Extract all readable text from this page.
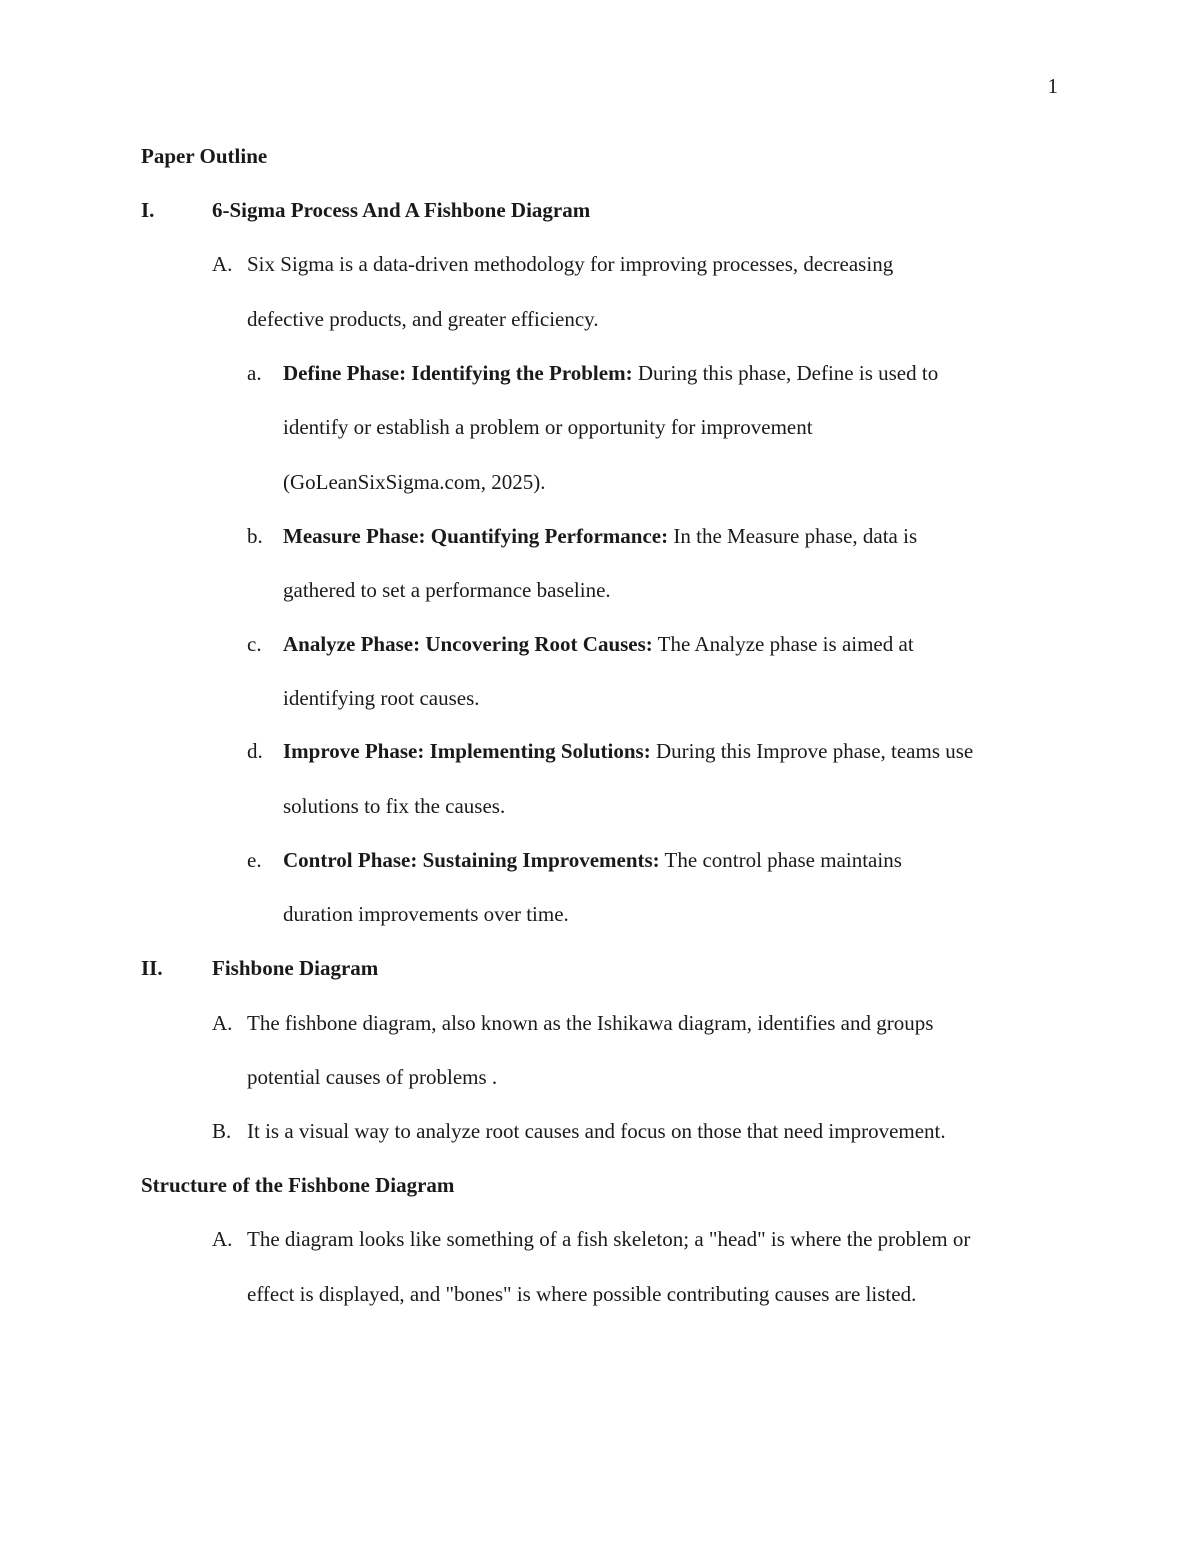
1
Paper Outline
I.	6-Sigma Process And A Fishbone Diagram
A. Six Sigma is a data-driven methodology for improving processes, decreasing
defective products, and greater efficiency.
a. Define Phase: Identifying the Problem: During this phase, Define is used to
identify or establish a problem or opportunity for improvement
(GoLeanSixSigma.com, 2025).
b. Measure Phase: Quantifying Performance: In the Measure phase, data is
gathered to set a performance baseline.
c. Analyze Phase: Uncovering Root Causes: The Analyze phase is aimed at
identifying root causes.
d. Improve Phase: Implementing Solutions: During this Improve phase, teams use
solutions to fix the causes.
e. Control Phase: Sustaining Improvements: The control phase maintains
duration improvements over time.
II. Fishbone Diagram
A. The fishbone diagram, also known as the Ishikawa diagram, identifies and groups
potential causes of problems .
B. It is a visual way to analyze root causes and focus on those that need improvement.
Structure of the Fishbone Diagram
A. The diagram looks like something of a fish skeleton; a "head" is where the problem or
effect is displayed, and "bones" is where possible contributing causes are listed.
